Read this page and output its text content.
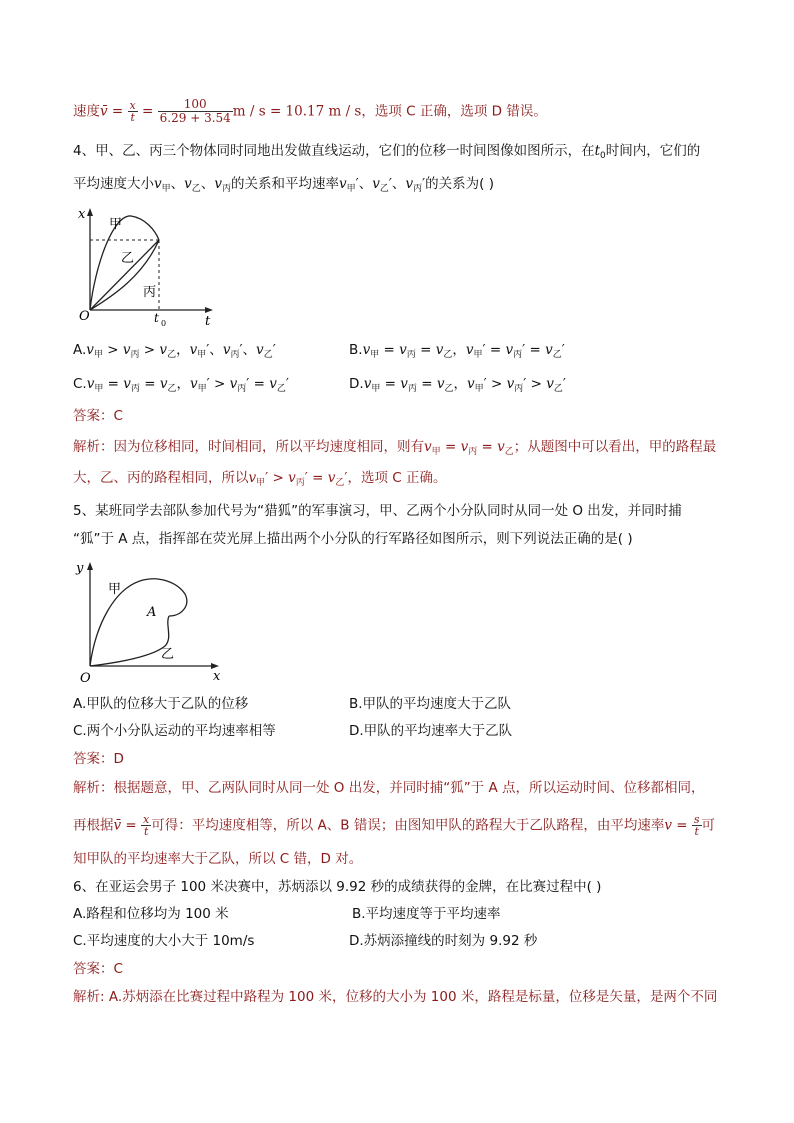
速度v̄ = $\frac{x}{t} = \frac{100}{6.29 + 3.54}$ m / s = 10.17 m / s，选项 C 正确，选项 D 错误。
4、甲、乙、丙三个物体同时同地出发做直线运动，它们的位移一时间图像如图所示，在$t_0$时间内，它们的
平均速度大小$v_甲$、$v_乙$、$v_丙$的关系和平均速率$v_甲'$、$v_乙'$、$v_丙'$的关系为( )
x
t
O	t 0
甲
乙
丙
$A.v_甲 > v_丙 > v_乙$，$v_甲'$、$v_丙'$、$v_乙'$	$B.v_甲 = v_丙 = v_乙$，$v_甲' = v_丙' = v_乙'$
$C.v_甲 = v_丙 = v_乙$，$v_甲' > v_丙' = v_乙'$	$D.v_甲 = v_丙 = v_乙$，$v_甲' > v_丙' > v_乙'$
答案：C
解析：因为位移相同，时间相同，所以平均速度相同，则有$v_甲 = v_丙 = v_乙$；从题图中可以看出，甲的路程最
大，乙、丙的路程相同，所以$v_甲' > v_丙' = v_乙'$，选项 C 正确。
5、某班同学去部队参加代号为“猎狐”的军事演习，甲、乙两个小分队同时从同一处 O 出发，并同时捕
“狐”于 A 点，指挥部在荧光屏上描出两个小分队的行军路径如图所示，则下列说法正确的是( )
y
x
O
甲
A
乙
A.甲队的位移大于乙队的位移	B.甲队的平均速度大于乙队
C.两个小分队运动的平均速率相等	D.甲队的平均速率大于乙队
答案：D
解析：根据题意，甲、乙两队同时从同一处 O 出发，并同时捕“狐”于 A 点，所以运动时间、位移都相同，
再根据v̄ = $\frac{x}{t}$ 可得：平均速度相等，所以 A、B 错误；由图知甲队的路程大于乙队路程，由平均速率$v = \frac{s}{t}$ 可
知甲队的平均速率大于乙队，所以 C 错，D 对。
6、在亚运会男子 100 米决赛中，苏炳添以 9.92 秒的成绩获得的金牌，在比赛过程中( )
A.路程和位移均为 100 米	B.平均速度等于平均速率
C.平均速度的大小大于 10m/s	D.苏炳添撞线的时刻为 9.92 秒
答案：C
解析: A.苏炳添在比赛过程中路程为 100 米，位移的大小为 100 米，路程是标量，位移是矢量，是两个不同
